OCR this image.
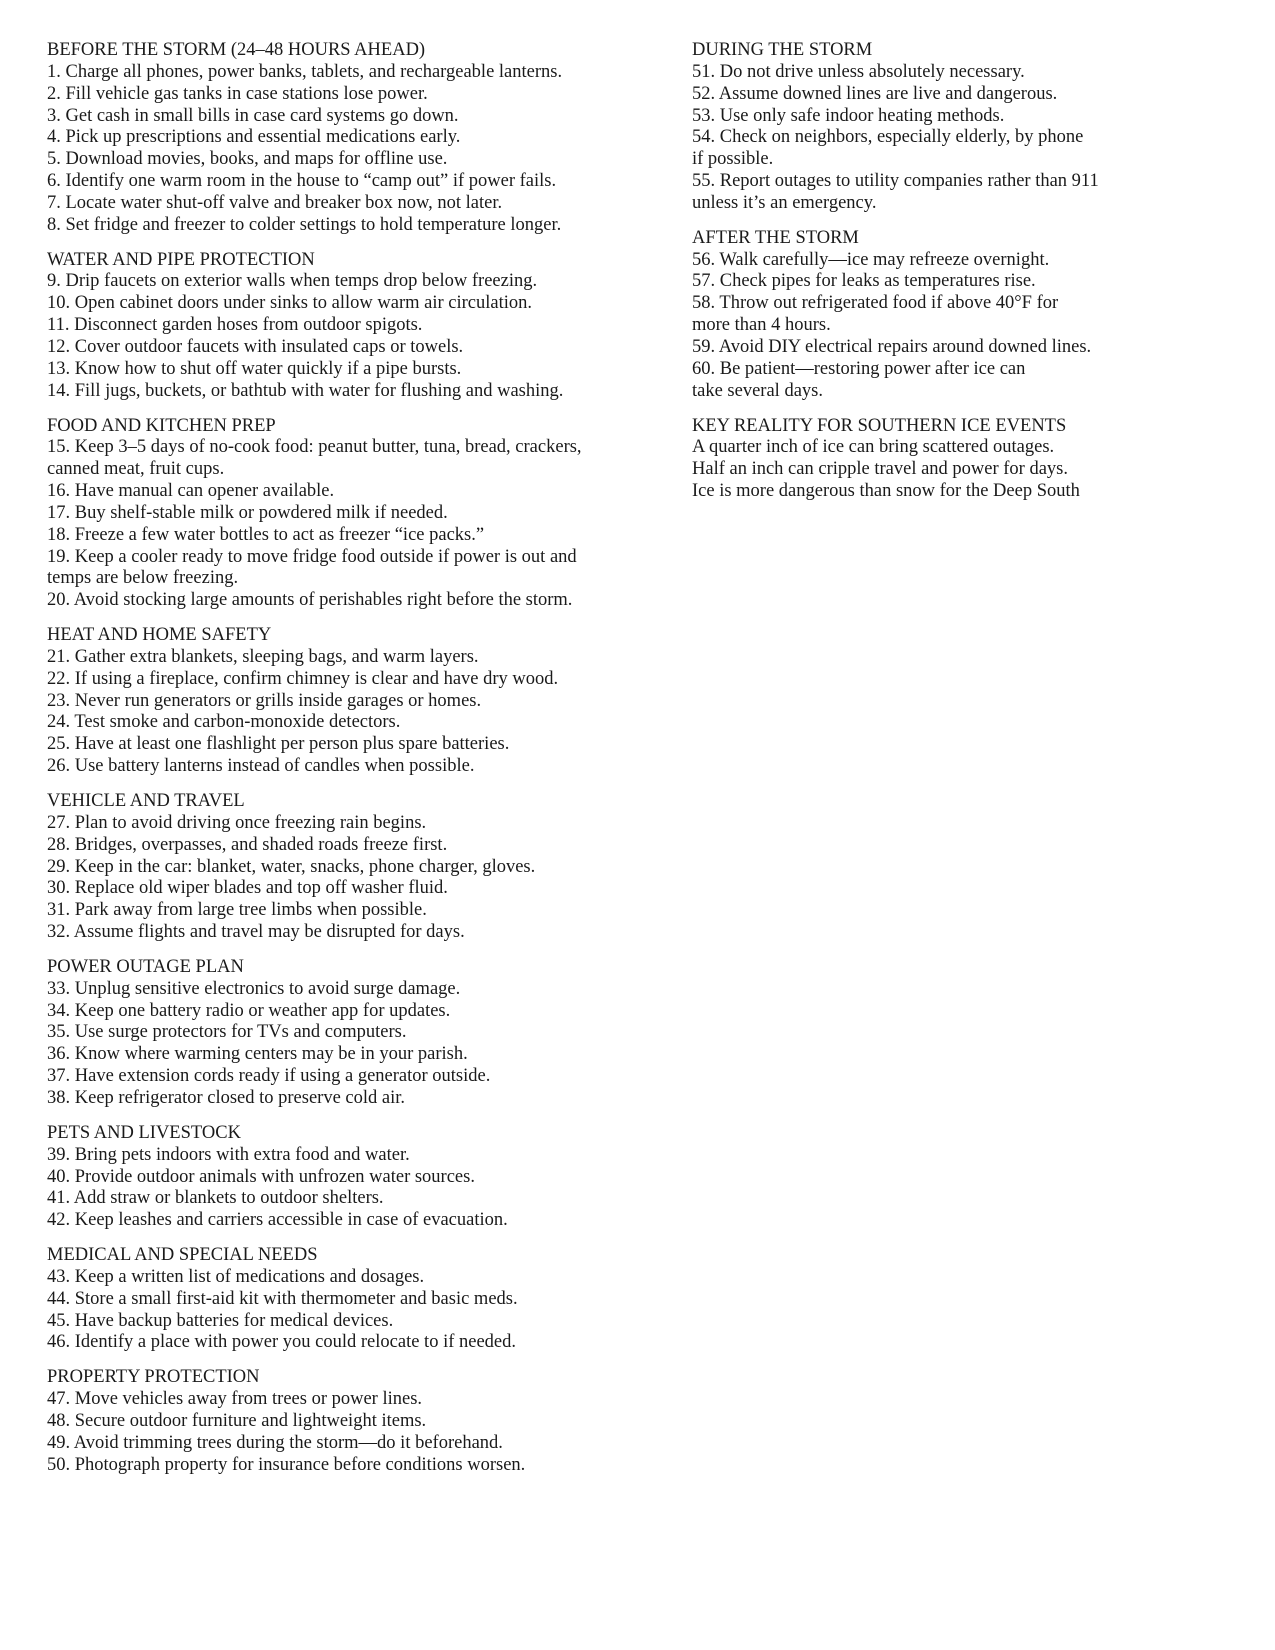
BEFORE THE STORM (24–48 HOURS AHEAD)

1. Charge all phones, power banks, tablets, and rechargeable lanterns.

2. Fill vehicle gas tanks in case stations lose power.

3. Get cash in small bills in case card systems go down.

4. Pick up prescriptions and essential medications early.

5. Download movies, books, and maps for offline use.

6. Identify one warm room in the house to “camp out” if power fails.

7. Locate water shut-off valve and breaker box now, not later.

8. Set fridge and freezer to colder settings to hold temperature longer.

WATER AND PIPE PROTECTION

9. Drip faucets on exterior walls when temps drop below freezing.

10. Open cabinet doors under sinks to allow warm air circulation.

11. Disconnect garden hoses from outdoor spigots.

12. Cover outdoor faucets with insulated caps or towels.

13. Know how to shut off water quickly if a pipe bursts.

14. Fill jugs, buckets, or bathtub with water for flushing and washing.

FOOD AND KITCHEN PREP

15. Keep 3–5 days of no-cook food: peanut butter, tuna, bread, crackers,

canned meat, fruit cups.

16. Have manual can opener available.

17. Buy shelf-stable milk or powdered milk if needed.

18. Freeze a few water bottles to act as freezer “ice packs.”

19. Keep a cooler ready to move fridge food outside if power is out and

temps are below freezing.

20. Avoid stocking large amounts of perishables right before the storm.

HEAT AND HOME SAFETY

21. Gather extra blankets, sleeping bags, and warm layers.

22. If using a fireplace, confirm chimney is clear and have dry wood.

23. Never run generators or grills inside garages or homes.

24. Test smoke and carbon-monoxide detectors.

25. Have at least one flashlight per person plus spare batteries.

26. Use battery lanterns instead of candles when possible.

VEHICLE AND TRAVEL

27. Plan to avoid driving once freezing rain begins.

28. Bridges, overpasses, and shaded roads freeze first.

29. Keep in the car: blanket, water, snacks, phone charger, gloves.

30. Replace old wiper blades and top off washer fluid.

31. Park away from large tree limbs when possible.

32. Assume flights and travel may be disrupted for days.

POWER OUTAGE PLAN

33. Unplug sensitive electronics to avoid surge damage.

34. Keep one battery radio or weather app for updates.

35. Use surge protectors for TVs and computers.

36. Know where warming centers may be in your parish.

37. Have extension cords ready if using a generator outside.

38. Keep refrigerator closed to preserve cold air.

PETS AND LIVESTOCK

39. Bring pets indoors with extra food and water.

40. Provide outdoor animals with unfrozen water sources.

41. Add straw or blankets to outdoor shelters.

42. Keep leashes and carriers accessible in case of evacuation.

MEDICAL AND SPECIAL NEEDS

43. Keep a written list of medications and dosages.

44. Store a small first-aid kit with thermometer and basic meds.

45. Have backup batteries for medical devices.

46. Identify a place with power you could relocate to if needed.

PROPERTY PROTECTION

47. Move vehicles away from trees or power lines.

48. Secure outdoor furniture and lightweight items.

49. Avoid trimming trees during the storm—do it beforehand.

50. Photograph property for insurance before conditions worsen.

DURING THE STORM

51. Do not drive unless absolutely necessary.

52. Assume downed lines are live and dangerous.

53. Use only safe indoor heating methods.

54. Check on neighbors, especially elderly, by phone

if possible.

55. Report outages to utility companies rather than 911

unless it’s an emergency.

AFTER THE STORM

56. Walk carefully—ice may refreeze overnight.

57. Check pipes for leaks as temperatures rise.

58. Throw out refrigerated food if above 40°F for

more than 4 hours.

59. Avoid DIY electrical repairs around downed lines.

60. Be patient—restoring power after ice can

take several days.

KEY REALITY FOR SOUTHERN ICE EVENTS

A quarter inch of ice can bring scattered outages.

Half an inch can cripple travel and power for days.

Ice is more dangerous than snow for the Deep South
